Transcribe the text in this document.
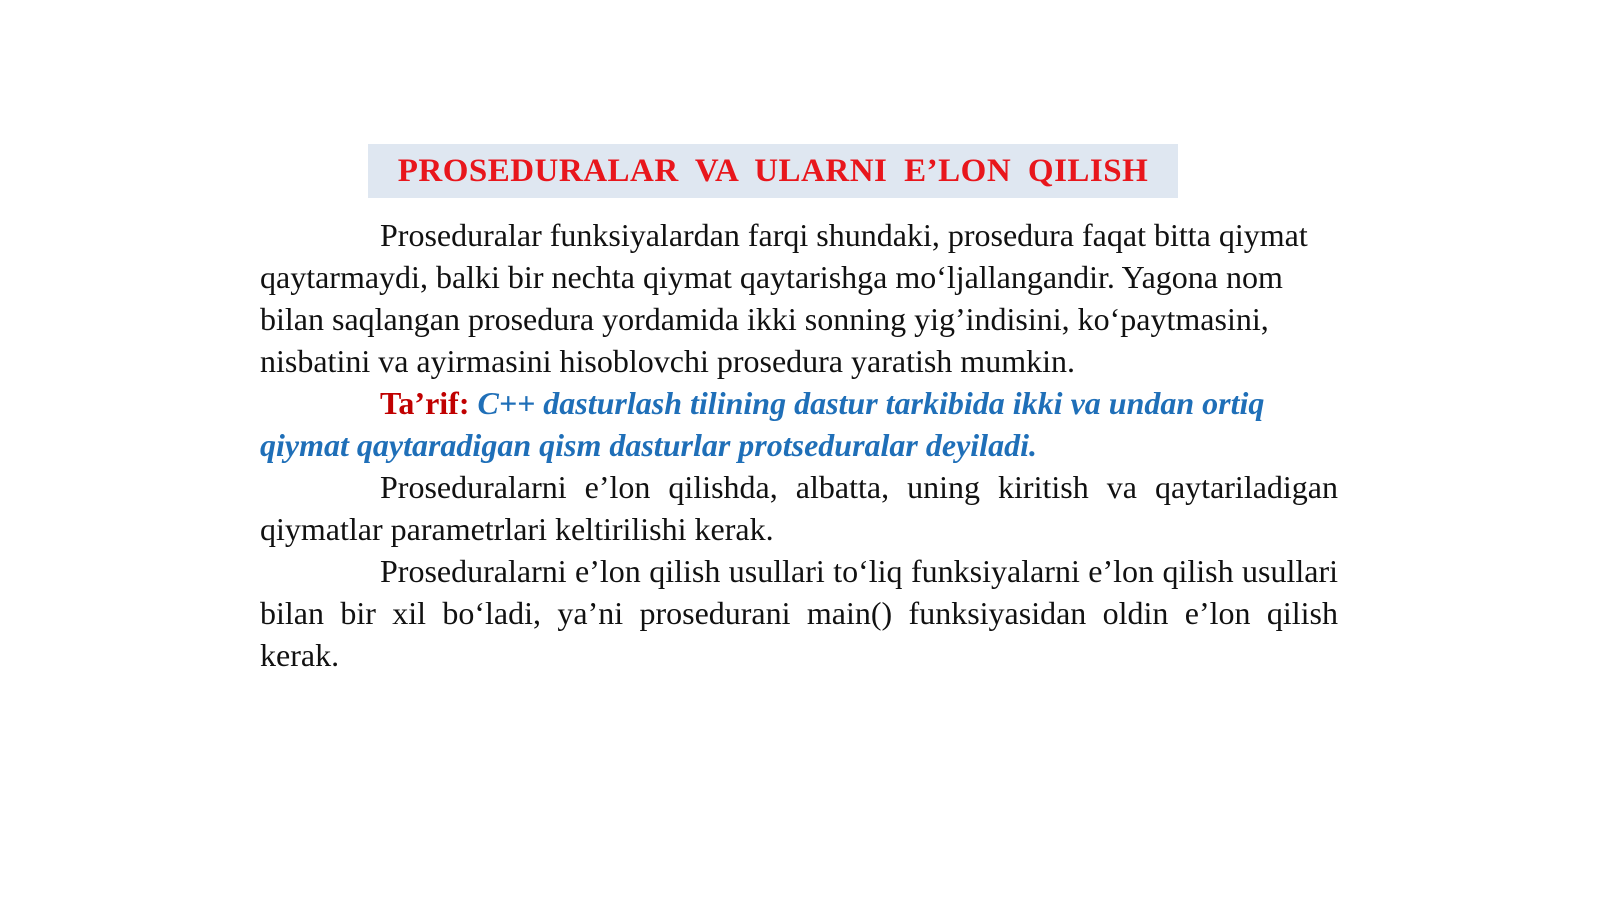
PROSEDURALAR VA ULARNI E’LON QILISH

Proseduralar funksiyalardan farqi shundaki, prosedura faqat bitta qiymat qaytarmaydi, balki bir nechta qiymat qaytarishga mo‘ljallangandir. Yagona nom bilan saqlangan prosedura yordamida ikki sonning yig’indisini, ko‘paytmasini, nisbatini va ayirmasini hisoblovchi prosedura yaratish mumkin.

Ta’rif: C++ dasturlash tilining dastur tarkibida ikki va undan ortiq qiymat qaytaradigan qism dasturlar protseduralar deyiladi.

Proseduralarni e’lon qilishda, albatta, uning kiritish va qaytariladigan qiymatlar parametrlari keltirilishi kerak.

Proseduralarni e’lon qilish usullari to‘liq funksiyalarni e’lon qilish usullari bilan bir xil bo‘ladi, ya’ni prosedurani main() funksiyasidan oldin e’lon qilish kerak.
